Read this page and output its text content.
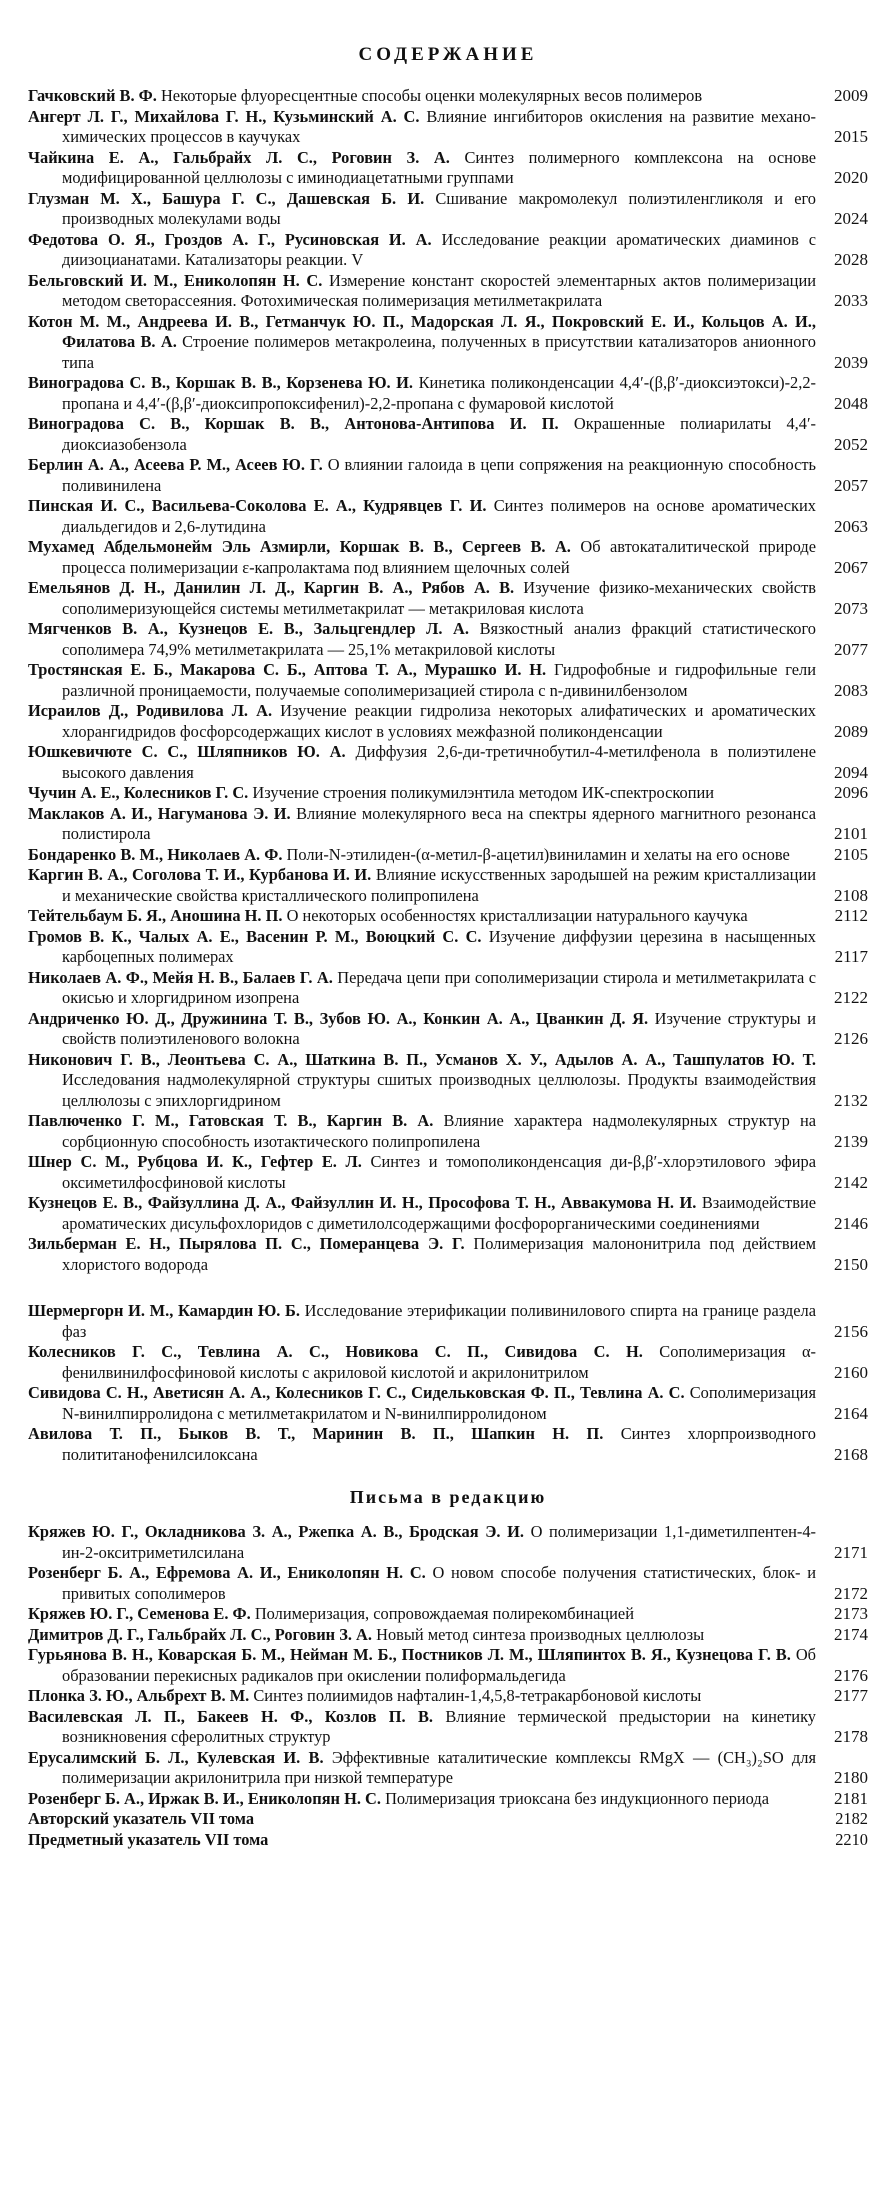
СОДЕРЖАНИЕ
Гачковский В. Ф. Некоторые флуоресцентные способы оценки молекулярных весов полимеров	2009
Ангерт Л. Г., Михайлова Г. Н., Кузьминский А. С. Влияние ингибиторов окисления на развитие механо-химических процессов в каучуках	2015
Чайкина Е. А., Гальбрайх Л. С., Роговин З. А. Синтез полимерного комплексона на основе модифицированной целлюлозы с иминодиацетатными группами	2020
Глузман М. Х., Башура Г. С., Дашевская Б. И. Сшивание макромолекул полиэтиленгликоля и его производных молекулами воды	2024
Федотова О. Я., Гроздов А. Г., Русиновская И. А. Исследование реакции ароматических диаминов с диизоцианатами. Катализаторы реакции. V	2028
Бельговский И. М., Ениколопян Н. С. Измерение констант скоростей элементарных актов полимеризации методом светорассеяния. Фотохимическая полимеризация метилметакрилата	2033
Котон М. М., Андреева И. В., Гетманчук Ю. П., Мадорская Л. Я., Покровский Е. И., Кольцов А. И., Филатова В. А. Строение полимеров метакролеина, полученных в присутствии катализаторов анионного типа	2039
Виноградова С. В., Коршак В. В., Корзенева Ю. И. Кинетика поликонденсации 4,4′-(β,β′-диоксиэтокси)-2,2-пропана и 4,4′-(β,β′-диоксипропоксифенил)-2,2-пропана с фумаровой кислотой	2048
Виноградова С. В., Коршак В. В., Антонова-Антипова И. П. Окрашенные полиарилаты 4,4′-диоксиазобензола	2052
Берлин А. А., Асеева Р. М., Асеев Ю. Г. О влиянии галоида в цепи сопряжения на реакционную способность поливинилена	2057
Пинская И. С., Васильева-Соколова Е. А., Кудрявцев Г. И. Синтез полимеров на основе ароматических диальдегидов и 2,6-лутидина	2063
Мухамед Абдельмонейм Эль Азмирли, Коршак В. В., Сергеев В. А. Об автокаталитической природе процесса полимеризации ε-капролактама под влиянием щелочных солей	2067
Емельянов Д. Н., Данилин Л. Д., Каргин В. А., Рябов А. В. Изучение физико-механических свойств сополимеризующейся системы метилметакрилат — метакриловая кислота	2073
Мягченков В. А., Кузнецов Е. В., Зальцгендлер Л. А. Вязкостный анализ фракций статистического сополимера 74,9% метилметакрилата — 25,1% метакриловой кислоты	2077
Тростянская Е. Б., Макарова С. Б., Аптова Т. А., Мурашко И. Н. Гидрофобные и гидрофильные гели различной проницаемости, получаемые сополимеризацией стирола с n-дивинилбензолом	2083
Исраилов Д., Родивилова Л. А. Изучение реакции гидролиза некоторых алифатических и ароматических хлорангидридов фосфорсодержащих кислот в условиях межфазной поликонденсации	2089
Юшкевичюте С. С., Шляпников Ю. А. Диффузия 2,6-ди-третичнобутил-4-метилфенола в полиэтилене высокого давления	2094
Чучин А. Е., Колесников Г. С. Изучение строения поликумилэнтила методом ИК-спектроскопии	2096
Маклаков А. И., Нагуманова Э. И. Влияние молекулярного веса на спектры ядерного магнитного резонанса полистирола	2101
Бондаренко В. М., Николаев А. Ф. Поли-N-этилиден-(α-метил-β-ацетил)виниламин и хелаты на его основе	2105
Каргин В. А., Соголова Т. И., Курбанова И. И. Влияние искусственных зародышей на режим кристаллизации и механические свойства кристаллического полипропилена	2108
Тейтельбаум Б. Я., Аношина Н. П. О некоторых особенностях кристаллизации натурального каучука	2112
Громов В. К., Чалых А. Е., Васенин Р. М., Воюцкий С. С. Изучение диффузии церезина в насыщенных карбоцепных полимерах	2117
Николаев А. Ф., Мейя Н. В., Балаев Г. А. Передача цепи при сополимеризации стирола и метилметакрилата с окисью и хлоргидрином изопрена	2122
Андриченко Ю. Д., Дружинина Т. В., Зубов Ю. А., Конкин А. А., Цванкин Д. Я. Изучение структуры и свойств полиэтиленового волокна	2126
Никонович Г. В., Леонтьева С. А., Шаткина В. П., Усманов Х. У., Адылов А. А., Ташпулатов Ю. Т. Исследования надмолекулярной структуры сшитых производных целлюлозы. Продукты взаимодействия целлюлозы с эпихлоргидрином	2132
Павлюченко Г. М., Гатовская Т. В., Каргин В. А. Влияние характера надмолекулярных структур на сорбционную способность изотактического полипропилена	2139
Шнер С. М., Рубцова И. К., Гефтер Е. Л. Синтез и томополиконденсация ди-β,β′-хлорэтилового эфира оксиметилфосфиновой кислоты	2142
Кузнецов Е. В., Файзуллина Д. А., Файзуллин И. Н., Прософова Т. Н., Аввакумова Н. И. Взаимодействие ароматических дисульфохлоридов с диметилолсодержащими фосфорорганическими соединениями	2146
Зильберман Е. Н., Пырялова П. С., Померанцева Э. Г. Полимеризация малононитрила под действием хлористого водорода	2150
Шермергорн И. М., Камардин Ю. Б. Исследование этерификации поливинилового спирта на границе раздела фаз	2156
Колесников Г. С., Тевлина А. С., Новикова С. П., Сивидова С. Н. Сополимеризация α-фенилвинилфосфиновой кислоты с акриловой кислотой и акрилонитрилом	2160
Сивидова С. Н., Аветисян А. А., Колесников Г. С., Сидельковская Ф. П., Тевлина А. С. Сополимеризация N-винилпирролидона с метилметакрилатом и N-винилпирролидоном	2164
Авилова Т. П., Быков В. Т., Маринин В. П., Шапкин Н. П. Синтез хлорпроизводного полититанофенилсилоксана	2168
Письма в редакцию
Кряжев Ю. Г., Окладникова З. А., Ржепка А. В., Бродская Э. И. О полимеризации 1,1-диметилпентен-4-ин-2-окситриметилсилана	2171
Розенберг Б. А., Ефремова А. И., Ениколопян Н. С. О новом способе получения статистических, блок- и привитых сополимеров	2172
Кряжев Ю. Г., Семенова Е. Ф. Полимеризация, сопровождаемая полирекомбинацией	2173
Димитров Д. Г., Гальбрайх Л. С., Роговин З. А. Новый метод синтеза производных целлюлозы	2174
Гурьянова В. Н., Коварская Б. М., Нейман М. Б., Постников Л. М., Шляпинтох В. Я., Кузнецова Г. В. Об образовании перекисных радикалов при окислении полиформальдегида	2176
Плонка З. Ю., Альбрехт В. М. Синтез полиимидов нафталин-1,4,5,8-тетракарбоновой кислоты	2177
Василевская Л. П., Бакеев Н. Ф., Козлов П. В. Влияние термической предыстории на кинетику возникновения сферолитных структур	2178
Ерусалимский Б. Л., Кулевская И. В. Эффективные каталитические комплексы RMgX — (CH₃)₂SO для полимеризации акрилонитрила при низкой температуре	2180
Розенберг Б. А., Иржак В. И., Ениколопян Н. С. Полимеризация триоксана без индукционного периода	2181
Авторский указатель VII тома	2182
Предметный указатель VII тома	2210
